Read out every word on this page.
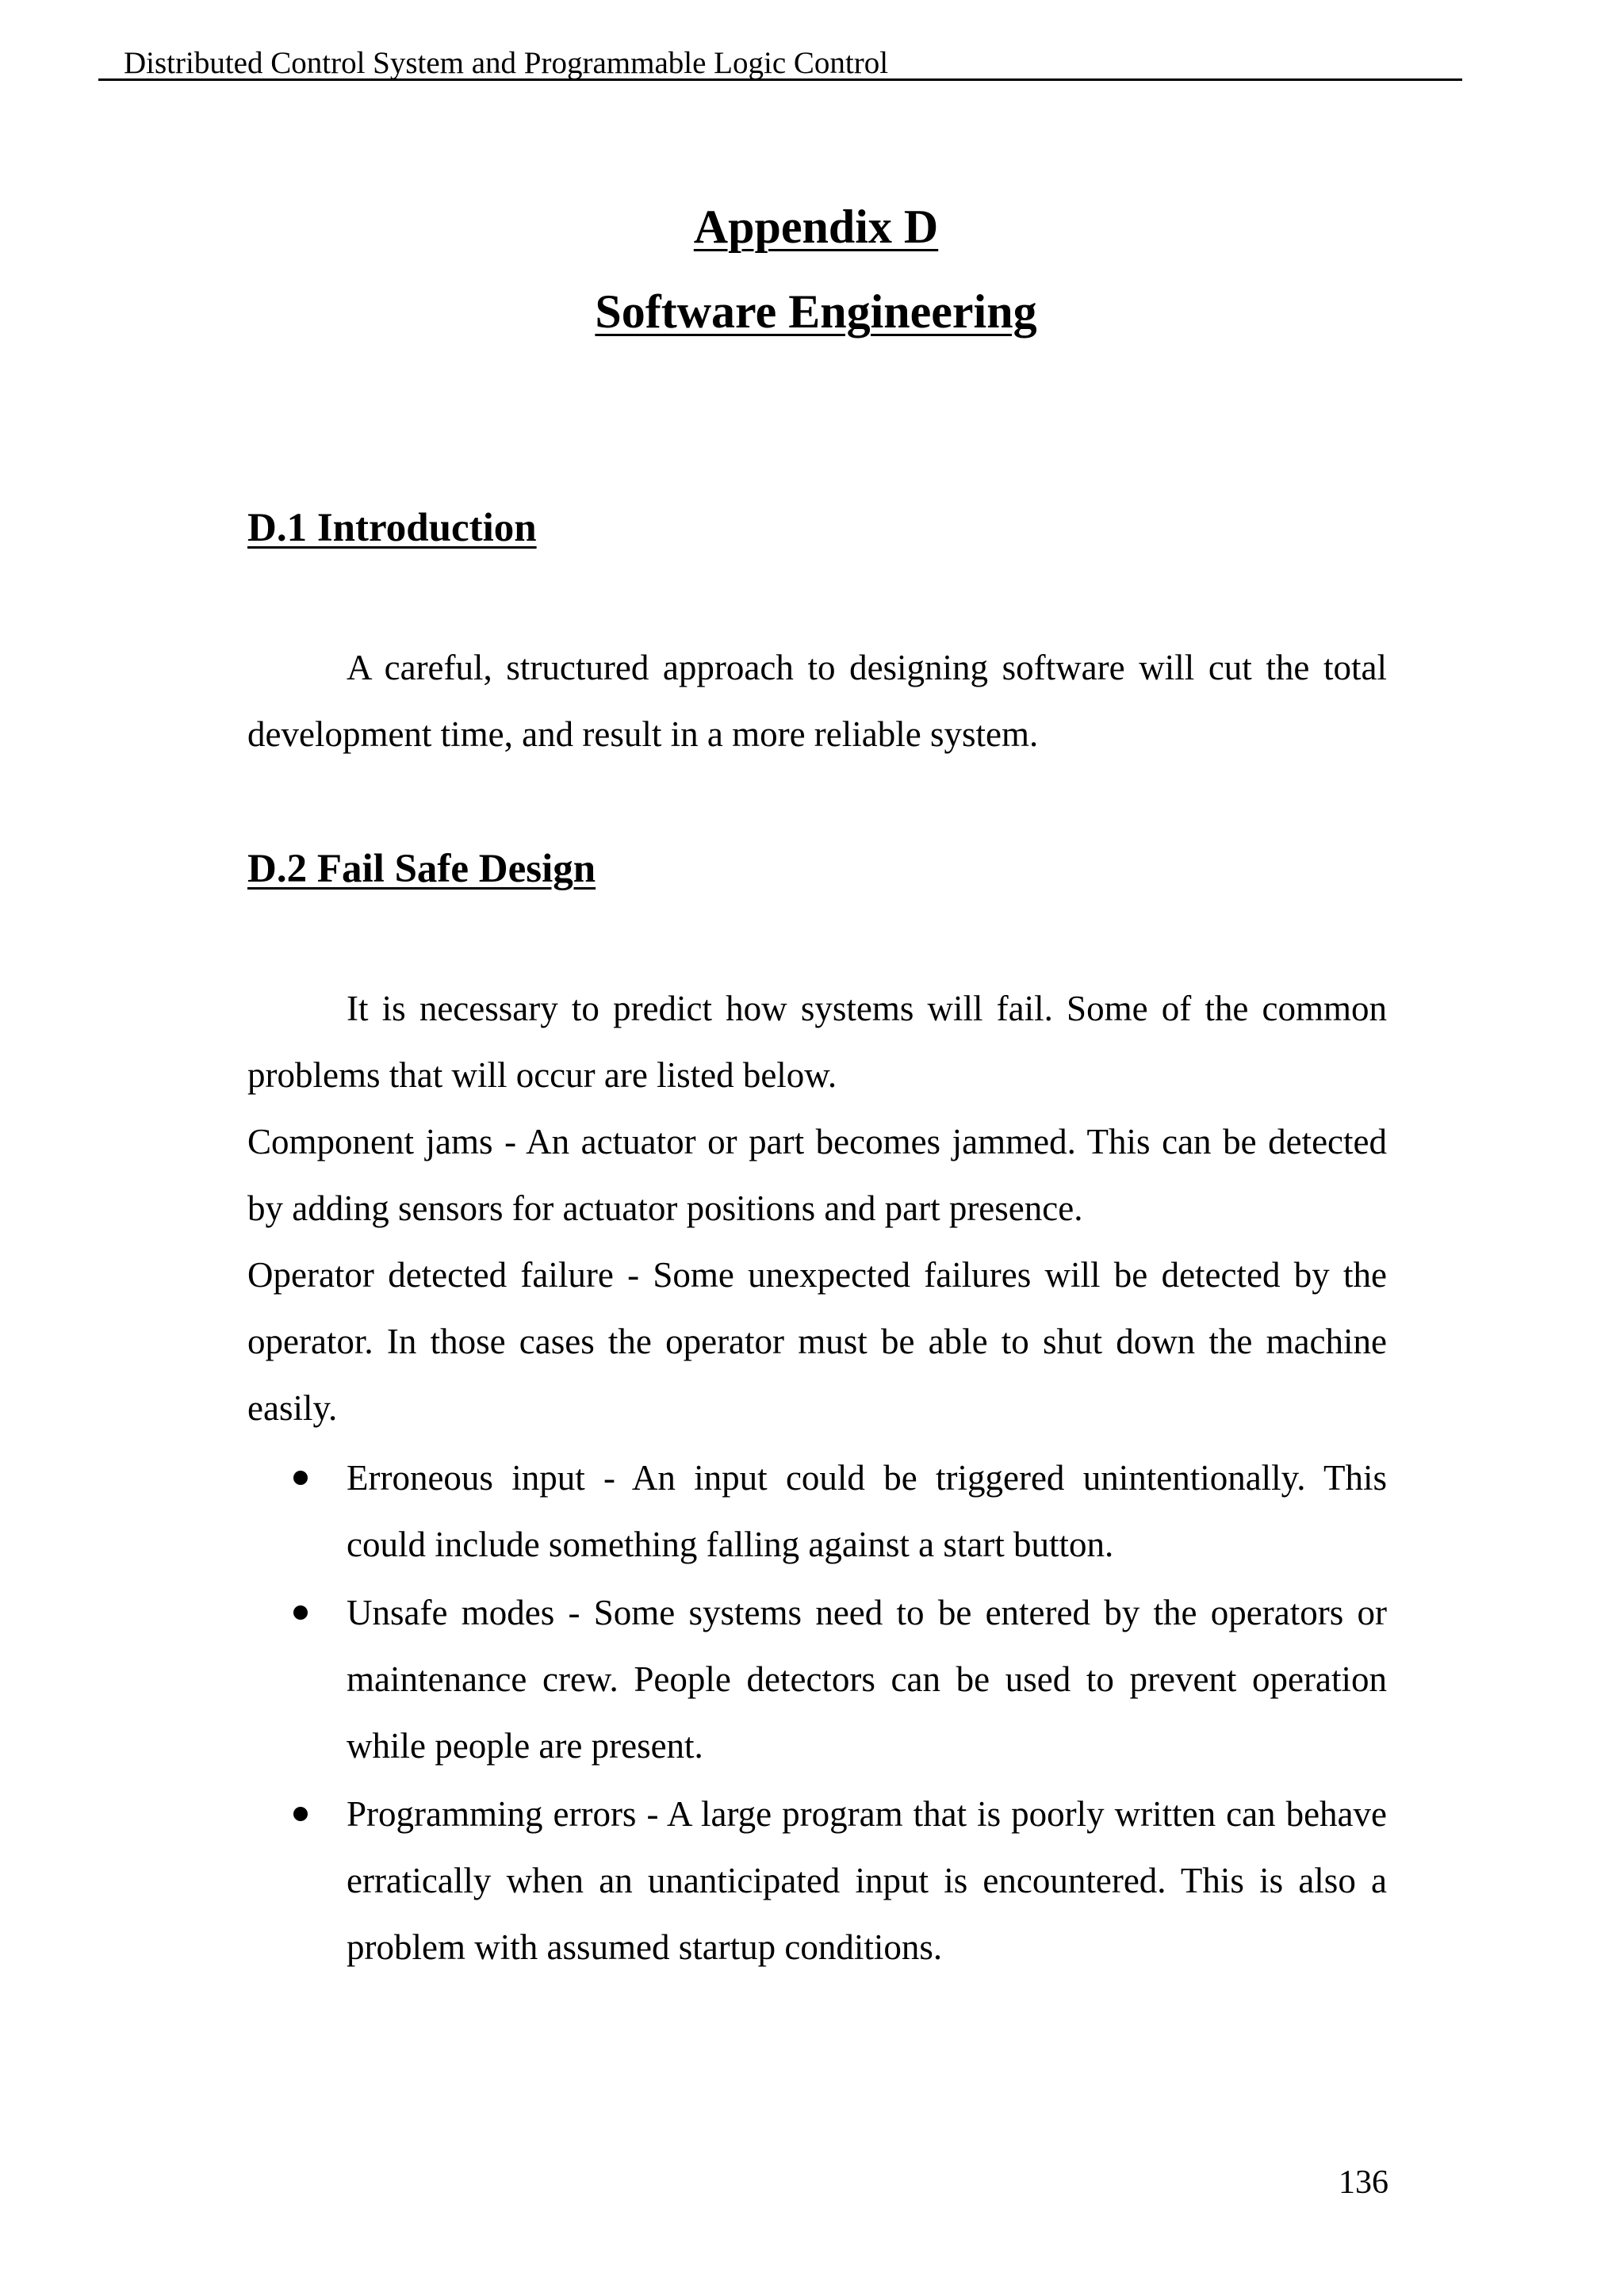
Distributed Control System and Programmable Logic Control
Appendix D
Software Engineering
D.1 Introduction

A careful, structured approach to designing software will cut the total development time, and result in a more reliable system.

D.2 Fail Safe Design

It is necessary to predict how systems will fail. Some of the common problems that will occur are listed below.

Component jams - An actuator or part becomes jammed. This can be detected by adding sensors for actuator positions and part presence.

Operator detected failure - Some unexpected failures will be detected by the operator. In those cases the operator must be able to shut down the machine easily.

Erroneous input - An input could be triggered unintentionally. This could include something falling against a start button.
Unsafe modes - Some systems need to be entered by the operators or maintenance crew. People detectors can be used to prevent operation while people are present.
Programming errors - A large program that is poorly written can behave erratically when an unanticipated input is encountered. This is also a problem with assumed startup conditions.
136
